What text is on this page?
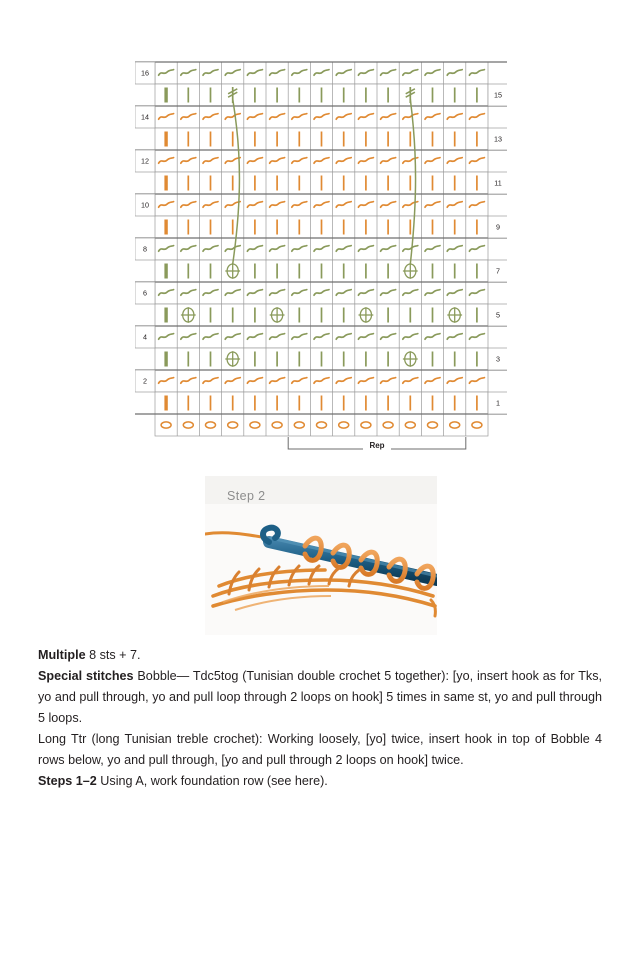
16
15
14
13
12
11
10
9
8
7
6
5
4
3
2
1
Rep
Step 2

Multiple 8 sts + 7.

Special stitches Bobble— Tdc5tog (Tunisian double crochet 5 together): [yo, insert hook as for Tks, yo and pull through, yo and pull loop through 2 loops on hook] 5 times in same st, yo and pull through 5 loops.

Long Ttr (long Tunisian treble crochet): Working loosely, [yo] twice, insert hook in top of Bobble 4 rows below, yo and pull through, [yo and pull through 2 loops on hook] twice.

Steps 1–2 Using A, work foundation row (see here).
